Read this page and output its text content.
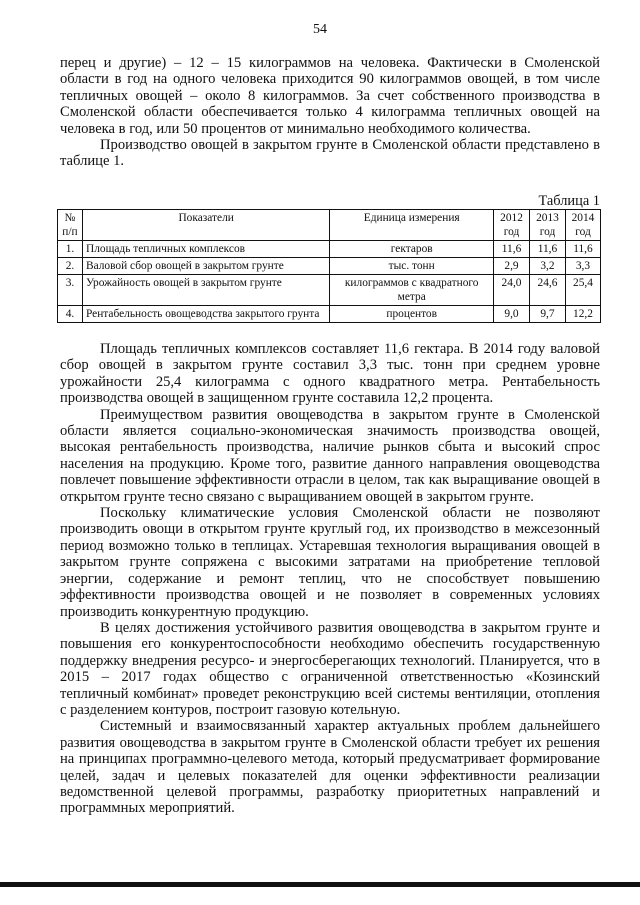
54

перец и другие) – 12 – 15 килограммов на человека. Фактически в Смоленской области в год на одного человека приходится 90 килограммов овощей, в том числе тепличных овощей – около 8 килограммов. За счет собственного производства в Смоленской области обеспечивается только 4 килограмма тепличных овощей на человека в год, или 50 процентов от минимально необходимого количества.

Производство овощей в закрытом грунте в Смоленской области представлено в таблице 1.

Таблица 1
№ п/п	Показатели	Единица измерения	2012 год	2013 год	2014 год
1.	Площадь тепличных комплексов	гектаров	11,6	11,6	11,6
2.	Валовой сбор овощей в закрытом грунте	тыс. тонн	2,9	3,2	3,3
3.	Урожайность овощей в закрытом грунте	килограммов с квадратного метра	24,0	24,6	25,4
4.	Рентабельность овощеводства закрытого грунта	процентов	9,0	9,7	12,2

Площадь тепличных комплексов составляет 11,6 гектара. В 2014 году валовой сбор овощей в закрытом грунте составил 3,3 тыс. тонн при среднем уровне урожайности 25,4 килограмма с одного квадратного метра. Рентабельность производства овощей в защищенном грунте составила 12,2 процента.

Преимуществом развития овощеводства в закрытом грунте в Смоленской области является социально-экономическая значимость производства овощей, высокая рентабельность производства, наличие рынков сбыта и высокий спрос населения на продукцию. Кроме того, развитие данного направления овощеводства повлечет повышение эффективности отрасли в целом, так как выращивание овощей в открытом грунте тесно связано с выращиванием овощей в закрытом грунте.

Поскольку климатические условия Смоленской области не позволяют производить овощи в открытом грунте круглый год, их производство в межсезонный период возможно только в теплицах. Устаревшая технология выращивания овощей в закрытом грунте сопряжена с высокими затратами на приобретение тепловой энергии, содержание и ремонт теплиц, что не способствует повышению эффективности производства овощей и не позволяет в современных условиях производить конкурентную продукцию.

В целях достижения устойчивого развития овощеводства в закрытом грунте и повышения его конкурентоспособности необходимо обеспечить государственную поддержку внедрения ресурсо- и энергосберегающих технологий. Планируется, что в 2015 – 2017 годах общество с ограниченной ответственностью «Козинский тепличный комбинат» проведет реконструкцию всей системы вентиляции, отопления с разделением контуров, построит газовую котельную.

Системный и взаимосвязанный характер актуальных проблем дальнейшего развития овощеводства в закрытом грунте в Смоленской области требует их решения на принципах программно-целевого метода, который предусматривает формирование целей, задач и целевых показателей для оценки эффективности реализации ведомственной целевой программы, разработку приоритетных направлений и программных мероприятий.
